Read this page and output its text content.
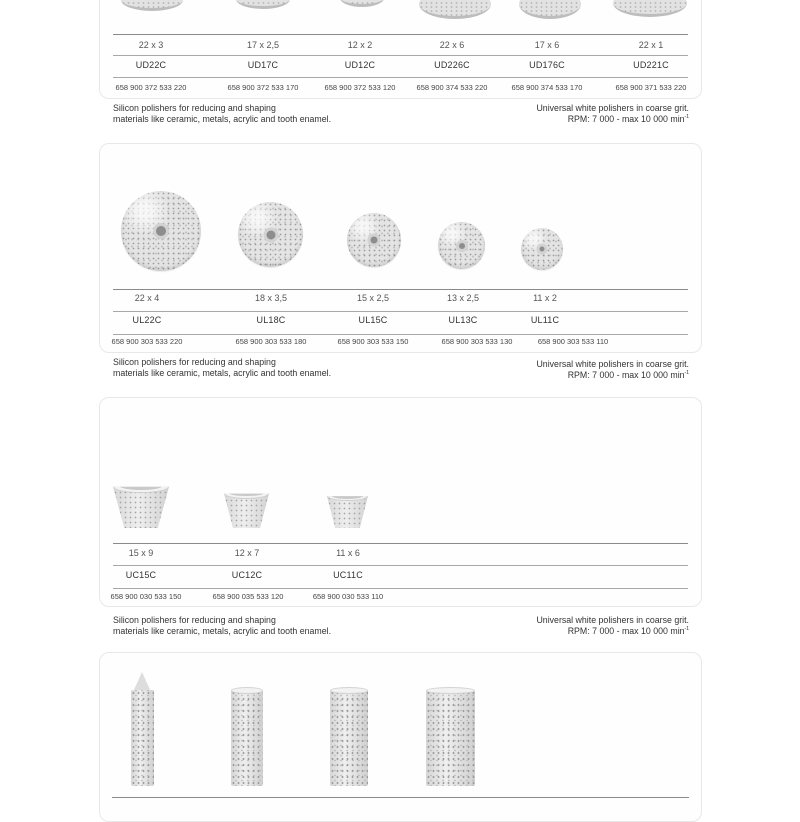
22 x 3	17 x 2,5	12 x 2	22 x 6	17 x 6	22 x 1
UD22C	UD17C	UD12C	UD226C	UD176C	UD221C
658 900 372 533 220	658 900 372 533 170	658 900 372 533 120	658 900 374 533 220	658 900 374 533 170	658 900 371 533 220
Silicon polishers for reducing and shaping
materials like ceramic, metals, acrylic and tooth enamel.
Universal white polishers in coarse grit.
RPM: 7 000 - max 10 000 $\min^{-1}$
22 x 4	18 x 3,5	15 x 2,5	13 x 2,5	11 x 2
UL22C	UL18C	UL15C	UL13C	UL11C
658 900 303 533 220	658 900 303 533 180	658 900 303 533 150	658 900 303 533 130	658 900 303 533 110
Silicon polishers for reducing and shaping
materials like ceramic, metals, acrylic and tooth enamel.
Universal white polishers in coarse grit.
RPM: 7 000 - max 10 000 $\min^{-1}$
15 x 9	12 x 7	11 x 6
UC15C	UC12C	UC11C
658 900 030 533 150	658 900 035 533 120	658 900 030 533 110
Silicon polishers for reducing and shaping
materials like ceramic, metals, acrylic and tooth enamel.
Universal white polishers in coarse grit.
RPM: 7 000 - max 10 000 $\min^{-1}$
